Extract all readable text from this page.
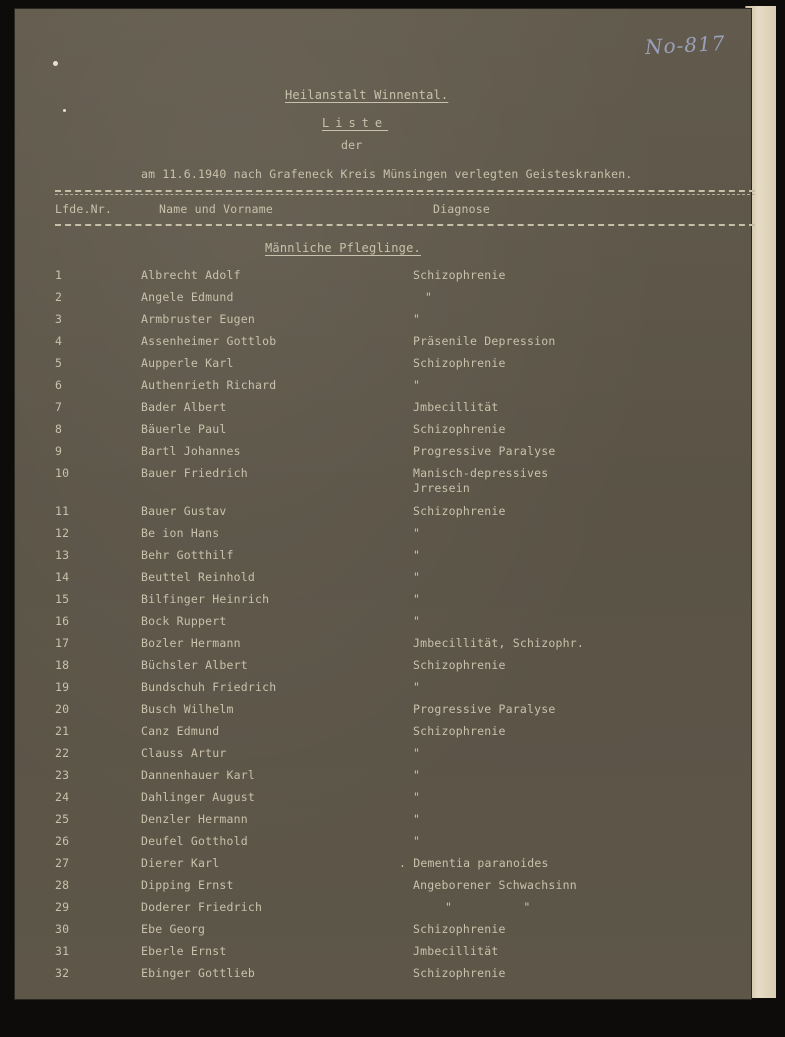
No-817
Heilanstalt Winnental.
Liste
der
am 11.6.1940 nach Grafeneck Kreis Münsingen verlegten Geisteskranken.
Lfde.Nr.	Name und Vorname	Diagnose
Männliche Pfleglinge.
1	Albrecht Adolf	Schizophrenie
2	Angele Edmund	"
3	Armbruster Eugen	"
4	Assenheimer Gottlob	Präsenile Depression
5	Aupperle Karl	Schizophrenie
6	Authenrieth Richard	"
7	Bader Albert	Jmbecillität
8	Bäuerle Paul	Schizophrenie
9	Bartl Johannes	Progressive Paralyse
10	Bauer Friedrich	Manisch-depressives Jrresein
11	Bauer Gustav	Schizophrenie
12	Be ion Hans	"
13	Behr Gotthilf	"
14	Beuttel Reinhold	"
15	Bilfinger Heinrich	"
16	Bock Ruppert	"
17	Bozler Hermann	Jmbecillität, Schizophr.
18	Büchsler Albert	Schizophrenie
19	Bundschuh Friedrich	"
20	Busch Wilhelm	Progressive Paralyse
21	Canz Edmund	Schizophrenie
22	Clauss Artur	"
23	Dannenhauer Karl	"
24	Dahlinger August	"
25	Denzler Hermann	"
26	Deufel Gotthold	"
27	Dierer Karl	. Dementia paranoides
28	Dipping Ernst	Angeborener Schwachsinn
29	Doderer Friedrich	"          "
30	Ebe Georg	Schizophrenie
31	Eberle Ernst	Jmbecillität
32	Ebinger Gottlieb	Schizophrenie
